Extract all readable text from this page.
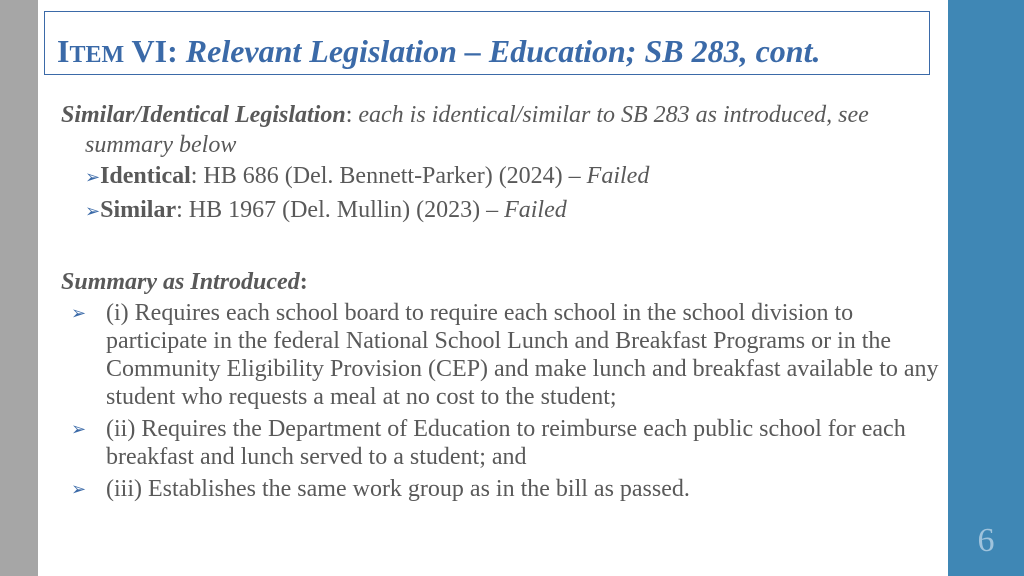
6
ITEM VI: Relevant Legislation – Education; SB 283, cont.

Similar/Identical Legislation: each is identical/similar to SB 283 as introduced, see summary below

➢Identical: HB 686 (Del. Bennett-Parker) (2024) – Failed
➢Similar: HB 1967 (Del. Mullin) (2023) – Failed
Summary as Introduced:
➢ (i) Requires each school board to require each school in the school division to participate in the federal National School Lunch and Breakfast Programs or in the Community Eligibility Provision (CEP) and make lunch and breakfast available to any student who requests a meal at no cost to the student;
➢ (ii) Requires the Department of Education to reimburse each public school for each breakfast and lunch served to a student; and
➢ (iii) Establishes the same work group as in the bill as passed.
